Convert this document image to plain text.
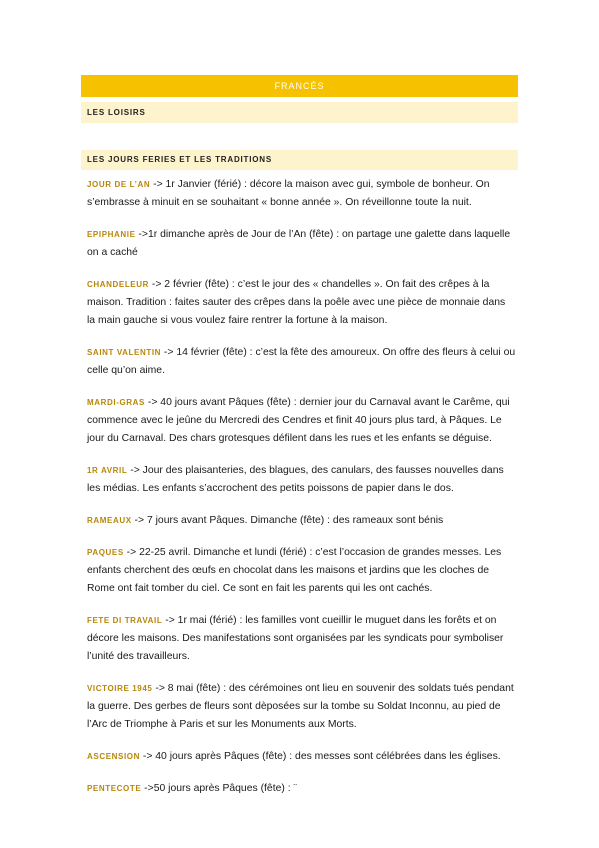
FRANCÉS
LES LOISIRS
LES JOURS FERIES ET LES TRADITIONS
JOUR DE L’AN -> 1r Janvier (férié) : décore la maison avec gui, symbole de bonheur. On s’embrasse à minuit en se souhaitant « bonne année ». On réveillonne toute la nuit.
EPIPHANIE ->1r dimanche après de Jour de l’An (fête) : on partage une galette dans laquelle on a caché
CHANDELEUR -> 2 février (fête) : c’est le jour des « chandelles ». On fait des crêpes à la maison. Tradition : faites sauter des crêpes dans la poêle avec une pièce de monnaie dans la main gauche si vous voulez faire rentrer la fortune à la maison.
SAINT VALENTIN -> 14 février (fête) : c’est la fête des amoureux. On offre des fleurs à celui ou celle qu’on aime.
MARDI-GRAS -> 40 jours avant Pâques (fête) : dernier jour du Carnaval avant le Carême, qui commence avec le jeûne du Mercredi des Cendres et finit 40 jours plus tard, à Pâques. Le jour du Carnaval. Des chars grotesques défilent dans les rues et les enfants se déguise.
1R AVRIL -> Jour des plaisanteries, des blagues, des canulars, des fausses nouvelles dans les médias. Les enfants s’accrochent des petits poissons de papier dans le dos.
RAMEAUX -> 7 jours avant Pâques. Dimanche (fête) : des rameaux sont bénis
PAQUES -> 22-25 avril. Dimanche et lundi (férié) : c’est l’occasion de grandes messes. Les enfants cherchent des œufs en chocolat dans les maisons et jardins que les cloches de Rome ont fait tomber du ciel. Ce sont en fait les parents qui les ont cachés.
FETE DI TRAVAIL -> 1r mai (férié) : les familles vont cueillir le muguet dans les forêts et on décore les maisons. Des manifestations sont organisées par les syndicats pour symboliser l’unité des travailleurs.
VICTOIRE 1945 -> 8 mai (fête) : des cérémoines ont lieu en souvenir des soldats tués pendant la guerre. Des gerbes de fleurs sont dèposées sur la tombe su Soldat Inconnu, au pied de l’Arc de Triomphe à Paris et sur les Monuments aux Morts.
ASCENSION -> 40 jours après Pâques (fête) : des messes sont célébrées dans les églises.
PENTECOTE ->50 jours après Pâques (fête) : ¨
